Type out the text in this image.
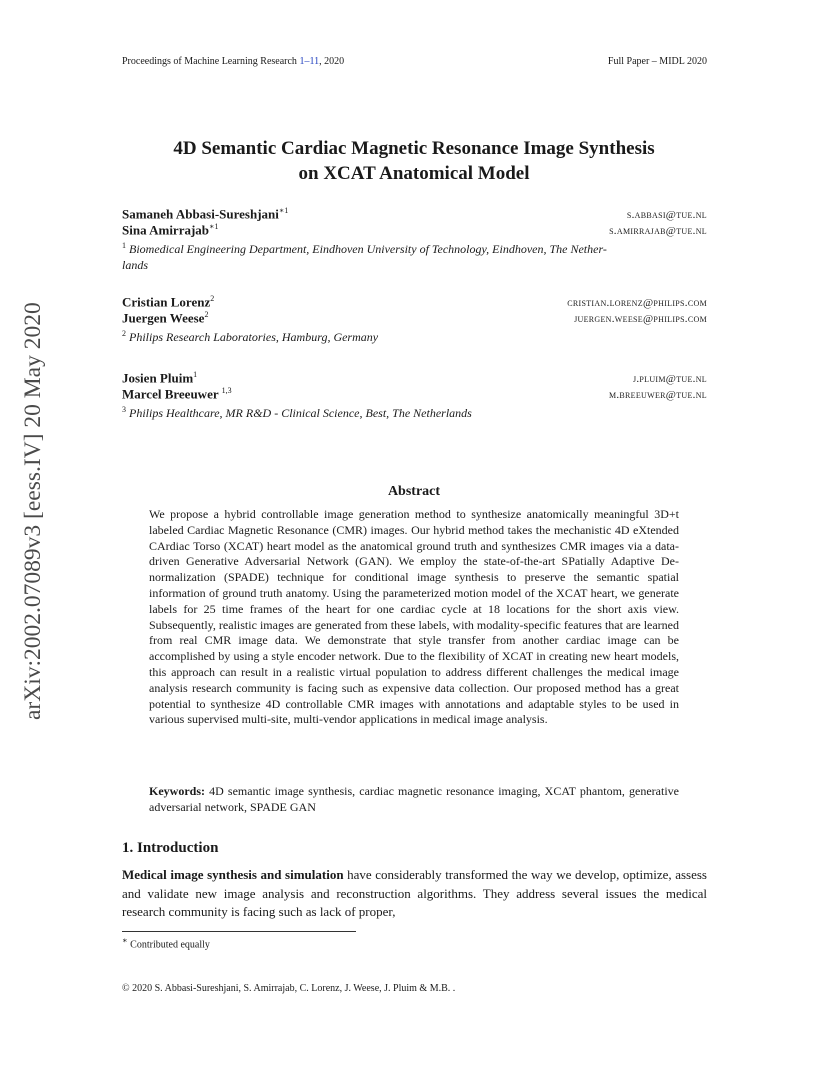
Proceedings of Machine Learning Research 1–11, 2020	Full Paper – MIDL 2020
arXiv:2002.07089v3 [eess.IV] 20 May 2020
4D Semantic Cardiac Magnetic Resonance Image Synthesis
on XCAT Anatomical Model
Samaneh Abbasi-Sureshjani$^{∗1}$	s.abbasi@tue.nl
Sina Amirrajab$^{∗1}$	s.amirrajab@tue.nl
$^1$ Biomedical Engineering Department, Eindhoven University of Technology, Eindhoven, The Nether-
lands
Cristian Lorenz$^2$	cristian.lorenz@philips.com
Juergen Weese$^2$	juergen.weese@philips.com
$^2$ Philips Research Laboratories, Hamburg, Germany
Josien Pluim$^1$	j.pluim@tue.nl
Marcel Breeuwer $^{1,3}$	m.breeuwer@tue.nl
$^3$ Philips Healthcare, MR R&D - Clinical Science, Best, The Netherlands
Abstract
We propose a hybrid controllable image generation method to synthesize anatomically meaningful 3D+t labeled Cardiac Magnetic Resonance (CMR) images. Our hybrid method takes the mechanistic 4D eXtended CArdiac Torso (XCAT) heart model as the anatomical ground truth and synthesizes CMR images via a data-driven Generative Adversarial Network (GAN). We employ the state-of-the-art SPatially Adaptive De-normalization (SPADE) technique for conditional image synthesis to preserve the semantic spatial information of ground truth anatomy. Using the parameterized motion model of the XCAT heart, we generate labels for 25 time frames of the heart for one cardiac cycle at 18 locations for the short axis view. Subsequently, realistic images are generated from these labels, with modality-specific features that are learned from real CMR image data. We demonstrate that style transfer from another cardiac image can be accomplished by using a style encoder network. Due to the flexibility of XCAT in creating new heart models, this approach can result in a realistic virtual population to address different challenges the medical image analysis research community is facing such as expensive data collection. Our proposed method has a great potential to synthesize 4D controllable CMR images with annotations and adaptable styles to be used in various supervised multi-site, multi-vendor applications in medical image analysis.
Keywords: 4D semantic image synthesis, cardiac magnetic resonance imaging, XCAT phantom, generative adversarial network, SPADE GAN
1. Introduction
Medical image synthesis and simulation have considerably transformed the way we develop, optimize, assess and validate new image analysis and reconstruction algorithms. They address several issues the medical research community is facing such as lack of proper,
∗ Contributed equally
© 2020 S. Abbasi-Sureshjani, S. Amirrajab, C. Lorenz, J. Weese, J. Pluim & M.B. .
